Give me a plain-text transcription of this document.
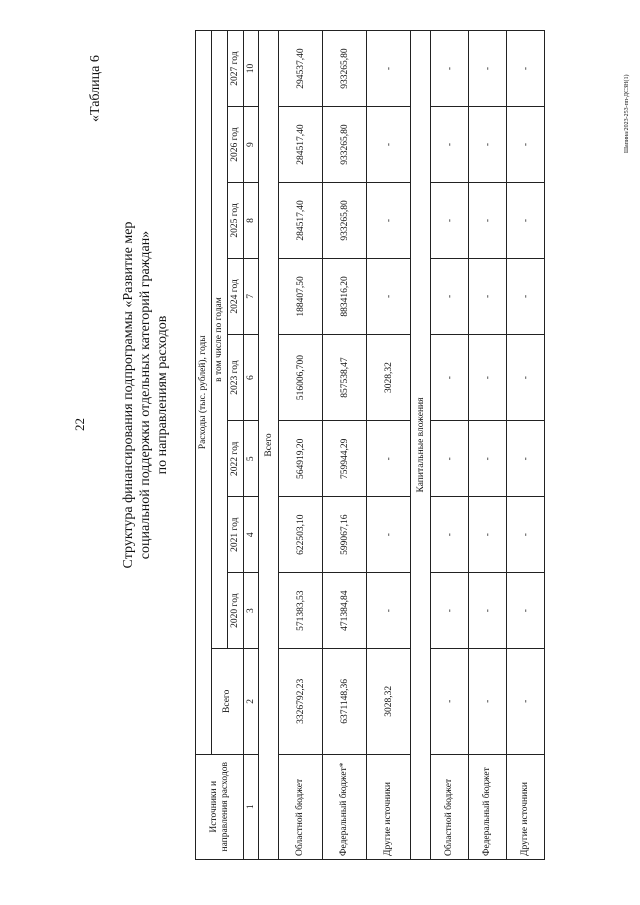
22
«Таблица 6
Структура финансирования подпрограммы «Развитие мер социальной поддержки отдельных категорий граждан» по направлениям расходов
Источники и направления расходов	Расходы (тыс. рублей), годы								
	Всего	в том числе по годам							
		2020 год	2021 год	2022 год	2023 год	2024 год	2025 год	2026 год	2027 год
1	2	3	4	5	6	7	8	9	10
Всего									
Областной бюджет	3326792,23	571383,53	622503,10	564919,20	516006,700	188407,50	284517,40	284517,40	294537,40
Федеральный бюджет*	6371148,36	471384,84	599067,16	759944,29	857538,47	883416,20	933265,80	933265,80	933265,80
Другие источники	3028,32	-	-	-	3028,32	-	-	-	-
Капитальные вложения									
Областной бюджет	-	-	-	-	-	-	-	-	-
Федеральный бюджет	-	-	-	-	-	-	-	-	-
Другие источники	-	-	-	-	-	-	-	-	-
Шапина/2023-253-пп-ДСЗН(1)
